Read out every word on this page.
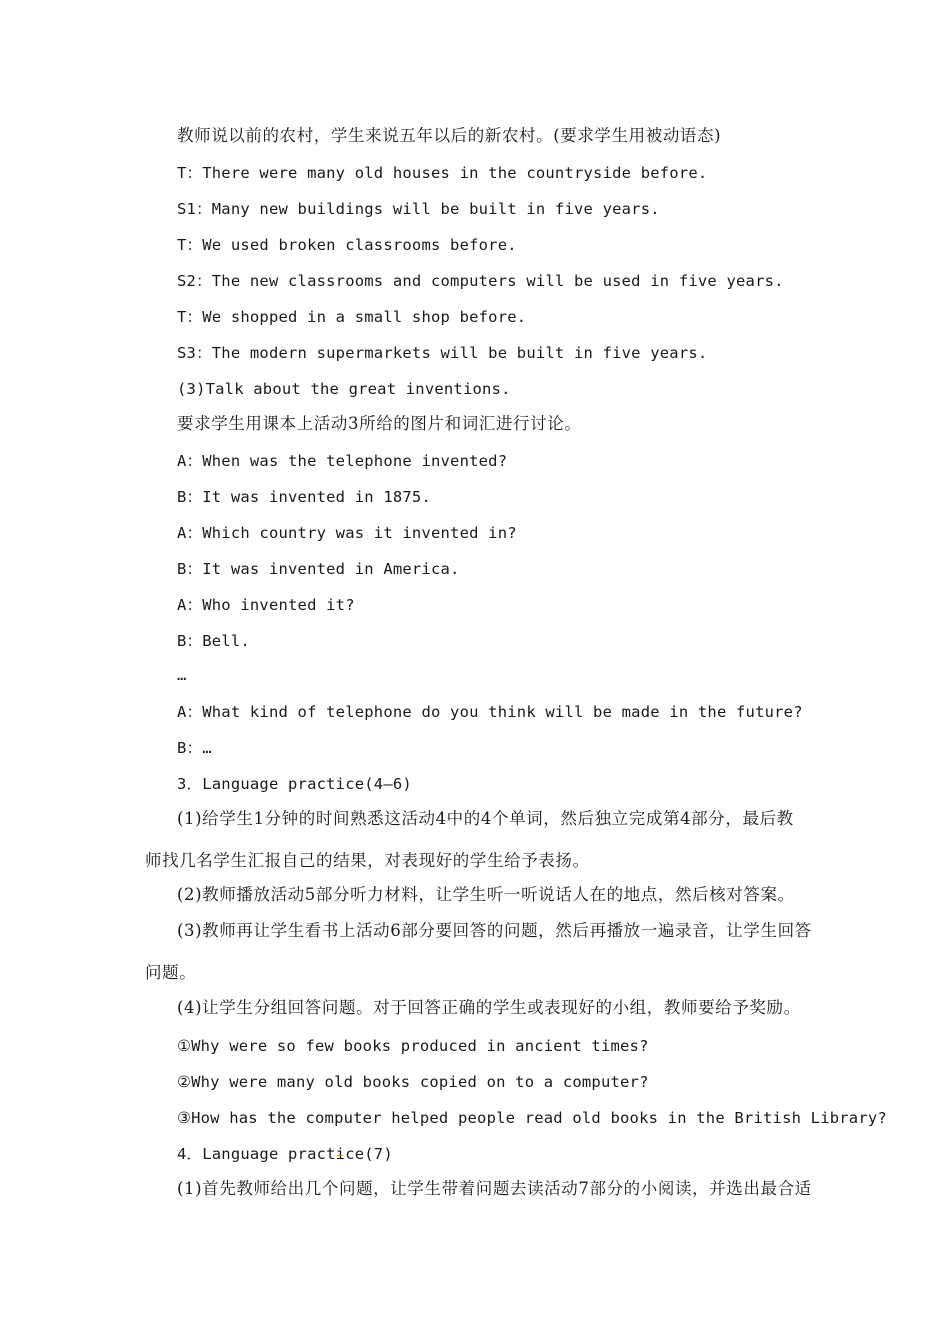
教师说以前的农村，学生来说五年以后的新农村。(要求学生用被动语态)
T：There were many old houses in the countryside before.
S1：Many new buildings will be built in five years.
T：We used broken classrooms before.
S2：The new classrooms and computers will be used in five years.
T：We shopped in a small shop before.
S3：The modern supermarkets will be built in five years.
(3)Talk about the great inventions.
要求学生用课本上活动3所给的图片和词汇进行讨论。
A：When was the telephone invented?
B：It was invented in 1875.
A：Which country was it invented in?
B：It was invented in America.
A：Who invented it?
B：Bell.
…
A：What kind of telephone do you think will be made in the future?
B：…
3．Language practice(4—6)
(1)给学生1分钟的时间熟悉这活动4中的4个单词，然后独立完成第4部分，最后教
师找几名学生汇报自己的结果，对表现好的学生给予表扬。
(2)教师播放活动5部分听力材料，让学生听一听说话人在的地点，然后核对答案。
(3)教师再让学生看书上活动6部分要回答的问题，然后再播放一遍录音，让学生回答
问题。
(4)让学生分组回答问题。对于回答正确的学生或表现好的小组，教师要给予奖励。
①Why were so few books produced in ancient times?
②Why were many old books copied on to a computer?
③How has the computer helped people read old books in the British Library?
4．Language practice(7)
(1)首先教师给出几个问题，让学生带着问题去读活动7部分的小阅读，并选出最合适
